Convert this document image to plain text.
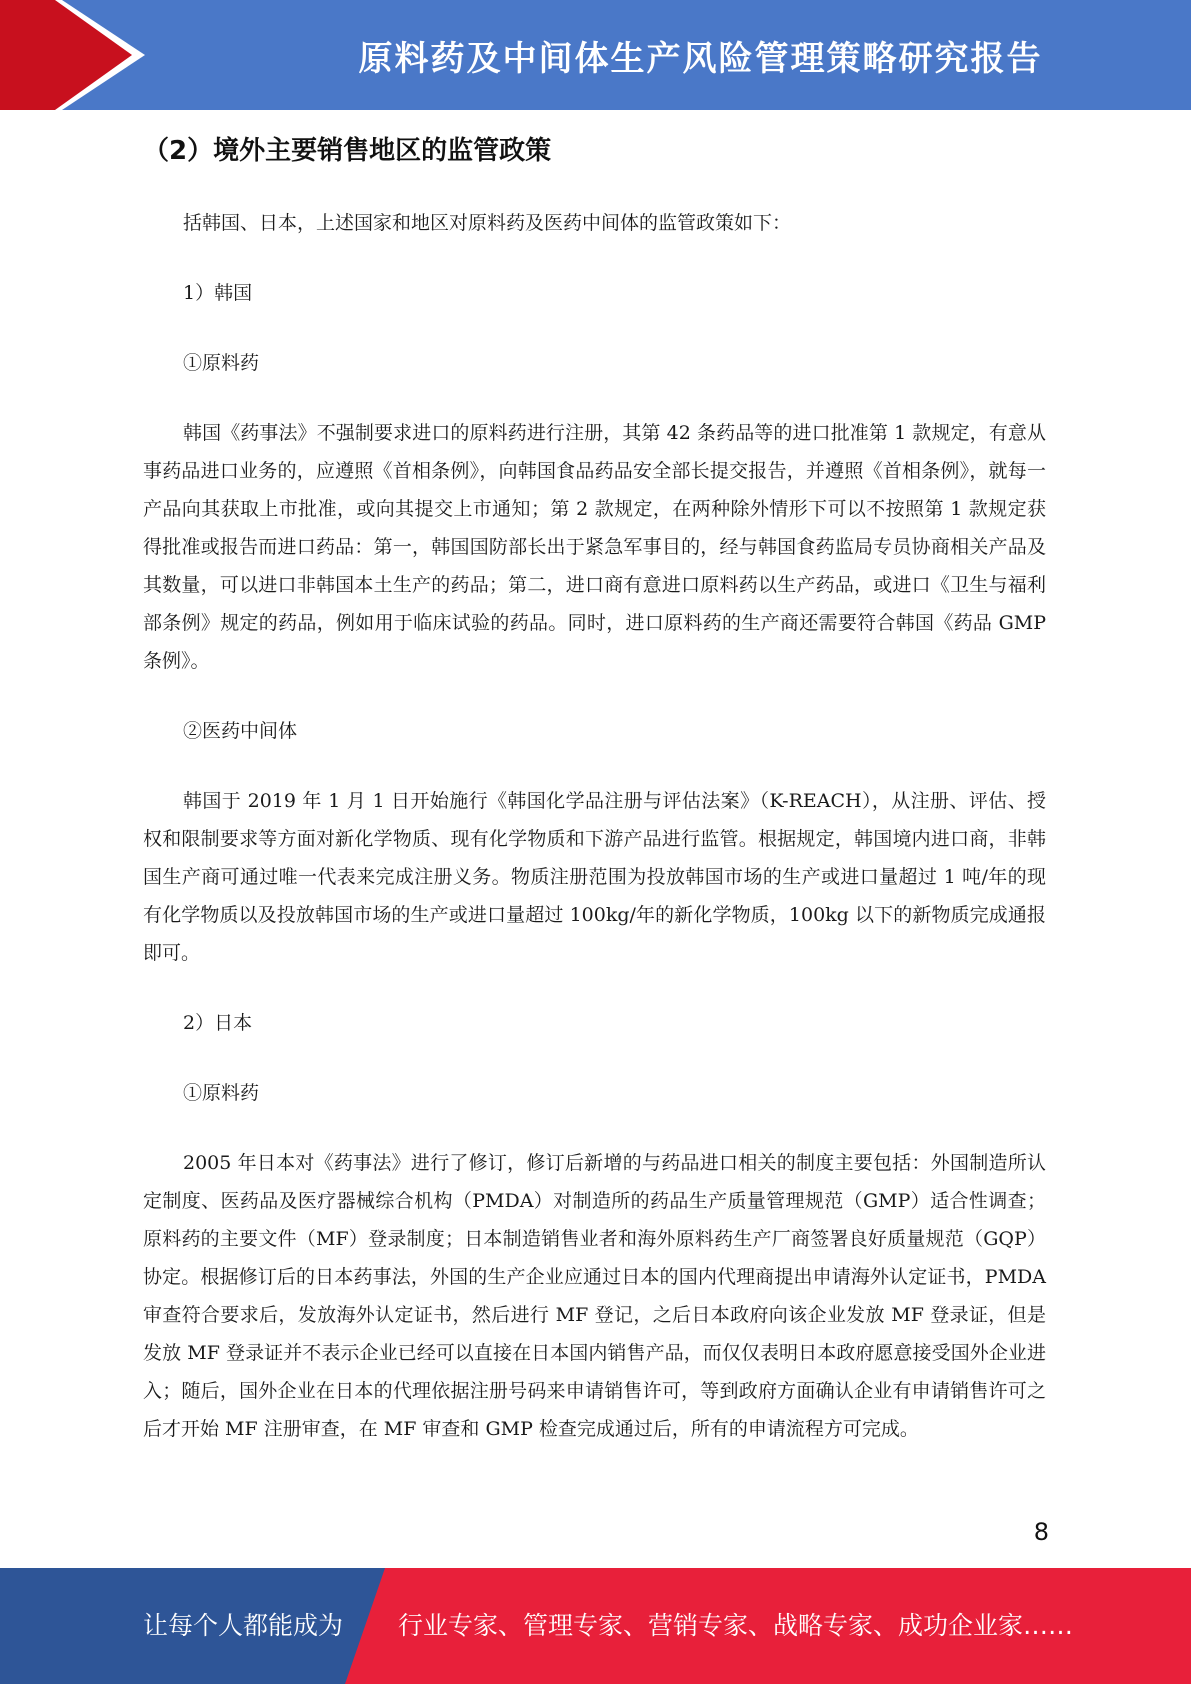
原料药及中间体生产风险管理策略研究报告
（2）境外主要销售地区的监管政策

括韩国、日本，上述国家和地区对原料药及医药中间体的监管政策如下：

1）韩国

①原料药

韩国《药事法》不强制要求进口的原料药进行注册，其第 42 条药品等的进口批准第 1 款规定，有意从事药品进口业务的，应遵照《首相条例》，向韩国食品药品安全部长提交报告，并遵照《首相条例》，就每一产品向其获取上市批准，或向其提交上市通知；第 2 款规定，在两种除外情形下可以不按照第 1 款规定获得批准或报告而进口药品：第一，韩国国防部长出于紧急军事目的，经与韩国食药监局专员协商相关产品及其数量，可以进口非韩国本土生产的药品；第二，进口商有意进口原料药以生产药品，或进口《卫生与福利部条例》规定的药品，例如用于临床试验的药品。同时，进口原料药的生产商还需要符合韩国《药品 GMP 条例》。

②医药中间体

韩国于 2019 年 1 月 1 日开始施行《韩国化学品注册与评估法案》（K-REACH），从注册、评估、授权和限制要求等方面对新化学物质、现有化学物质和下游产品进行监管。根据规定，韩国境内进口商，非韩国生产商可通过唯一代表来完成注册义务。物质注册范围为投放韩国市场的生产或进口量超过 1 吨/年的现有化学物质以及投放韩国市场的生产或进口量超过 100kg/年的新化学物质，100kg 以下的新物质完成通报即可。

2）日本

①原料药

2005 年日本对《药事法》进行了修订，修订后新增的与药品进口相关的制度主要包括：外国制造所认定制度、医药品及医疗器械综合机构（PMDA）对制造所的药品生产质量管理规范（GMP）适合性调查；原料药的主要文件（MF）登录制度；日本制造销售业者和海外原料药生产厂商签署良好质量规范（GQP）协定。根据修订后的日本药事法，外国的生产企业应通过日本的国内代理商提出申请海外认定证书，PMDA 审查符合要求后，发放海外认定证书，然后进行 MF 登记，之后日本政府向该企业发放 MF 登录证，但是发放 MF 登录证并不表示企业已经可以直接在日本国内销售产品，而仅仅表明日本政府愿意接受国外企业进入；随后，国外企业在日本的代理依据注册号码来申请销售许可，等到政府方面确认企业有申请销售许可之后才开始 MF 注册审查，在 MF 审查和 GMP 检查完成通过后，所有的申请流程方可完成。

8
让每个人都能成为 行业专家、管理专家、营销专家、战略专家、成功企业家……
